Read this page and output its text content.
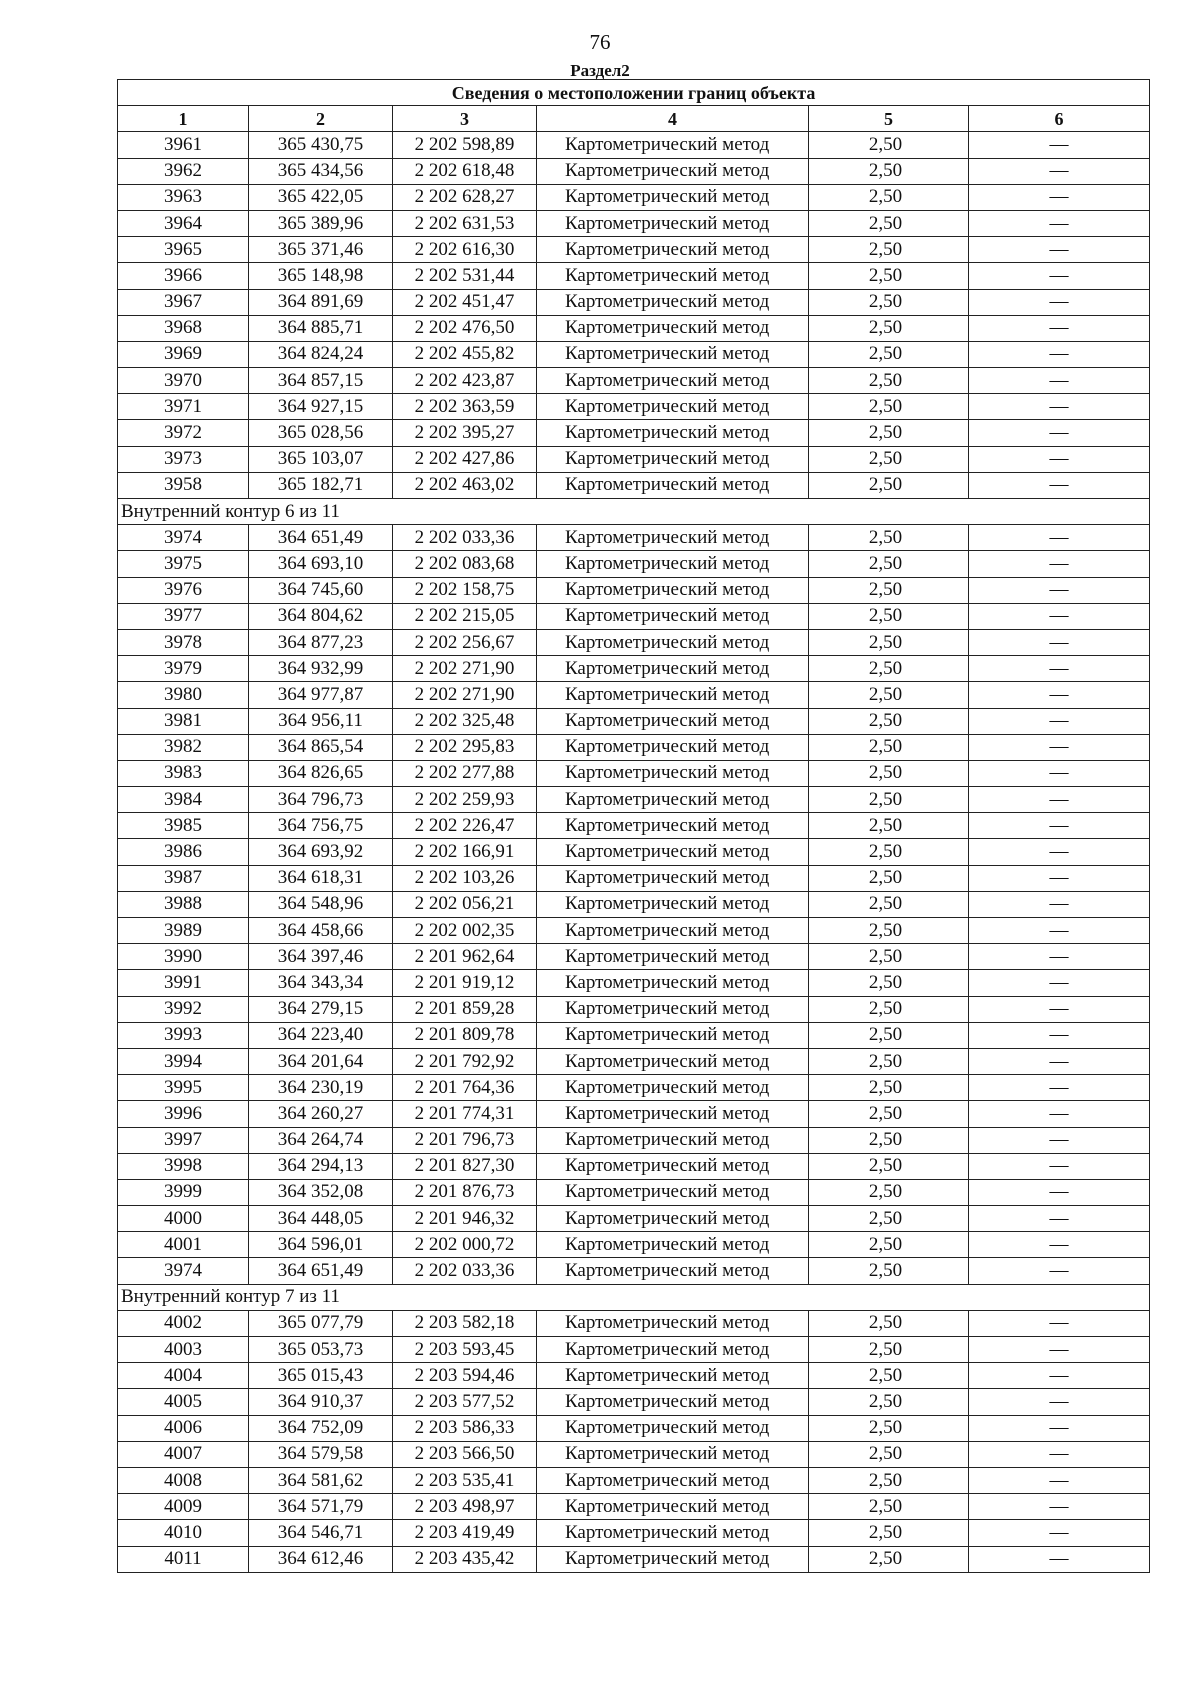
76
Раздел2
Сведения о местоположении границ объекта					
1	2	3	4	5	6
3961	365 430,75	2 202 598,89	Картометрический метод	2,50	—
3962	365 434,56	2 202 618,48	Картометрический метод	2,50	—
3963	365 422,05	2 202 628,27	Картометрический метод	2,50	—
3964	365 389,96	2 202 631,53	Картометрический метод	2,50	—
3965	365 371,46	2 202 616,30	Картометрический метод	2,50	—
3966	365 148,98	2 202 531,44	Картометрический метод	2,50	—
3967	364 891,69	2 202 451,47	Картометрический метод	2,50	—
3968	364 885,71	2 202 476,50	Картометрический метод	2,50	—
3969	364 824,24	2 202 455,82	Картометрический метод	2,50	—
3970	364 857,15	2 202 423,87	Картометрический метод	2,50	—
3971	364 927,15	2 202 363,59	Картометрический метод	2,50	—
3972	365 028,56	2 202 395,27	Картометрический метод	2,50	—
3973	365 103,07	2 202 427,86	Картометрический метод	2,50	—
3958	365 182,71	2 202 463,02	Картометрический метод	2,50	—
Внутренний контур 6 из 11					
3974	364 651,49	2 202 033,36	Картометрический метод	2,50	—
3975	364 693,10	2 202 083,68	Картометрический метод	2,50	—
3976	364 745,60	2 202 158,75	Картометрический метод	2,50	—
3977	364 804,62	2 202 215,05	Картометрический метод	2,50	—
3978	364 877,23	2 202 256,67	Картометрический метод	2,50	—
3979	364 932,99	2 202 271,90	Картометрический метод	2,50	—
3980	364 977,87	2 202 271,90	Картометрический метод	2,50	—
3981	364 956,11	2 202 325,48	Картометрический метод	2,50	—
3982	364 865,54	2 202 295,83	Картометрический метод	2,50	—
3983	364 826,65	2 202 277,88	Картометрический метод	2,50	—
3984	364 796,73	2 202 259,93	Картометрический метод	2,50	—
3985	364 756,75	2 202 226,47	Картометрический метод	2,50	—
3986	364 693,92	2 202 166,91	Картометрический метод	2,50	—
3987	364 618,31	2 202 103,26	Картометрический метод	2,50	—
3988	364 548,96	2 202 056,21	Картометрический метод	2,50	—
3989	364 458,66	2 202 002,35	Картометрический метод	2,50	—
3990	364 397,46	2 201 962,64	Картометрический метод	2,50	—
3991	364 343,34	2 201 919,12	Картометрический метод	2,50	—
3992	364 279,15	2 201 859,28	Картометрический метод	2,50	—
3993	364 223,40	2 201 809,78	Картометрический метод	2,50	—
3994	364 201,64	2 201 792,92	Картометрический метод	2,50	—
3995	364 230,19	2 201 764,36	Картометрический метод	2,50	—
3996	364 260,27	2 201 774,31	Картометрический метод	2,50	—
3997	364 264,74	2 201 796,73	Картометрический метод	2,50	—
3998	364 294,13	2 201 827,30	Картометрический метод	2,50	—
3999	364 352,08	2 201 876,73	Картометрический метод	2,50	—
4000	364 448,05	2 201 946,32	Картометрический метод	2,50	—
4001	364 596,01	2 202 000,72	Картометрический метод	2,50	—
3974	364 651,49	2 202 033,36	Картометрический метод	2,50	—
Внутренний контур 7 из 11					
4002	365 077,79	2 203 582,18	Картометрический метод	2,50	—
4003	365 053,73	2 203 593,45	Картометрический метод	2,50	—
4004	365 015,43	2 203 594,46	Картометрический метод	2,50	—
4005	364 910,37	2 203 577,52	Картометрический метод	2,50	—
4006	364 752,09	2 203 586,33	Картометрический метод	2,50	—
4007	364 579,58	2 203 566,50	Картометрический метод	2,50	—
4008	364 581,62	2 203 535,41	Картометрический метод	2,50	—
4009	364 571,79	2 203 498,97	Картометрический метод	2,50	—
4010	364 546,71	2 203 419,49	Картометрический метод	2,50	—
4011	364 612,46	2 203 435,42	Картометрический метод	2,50	—
